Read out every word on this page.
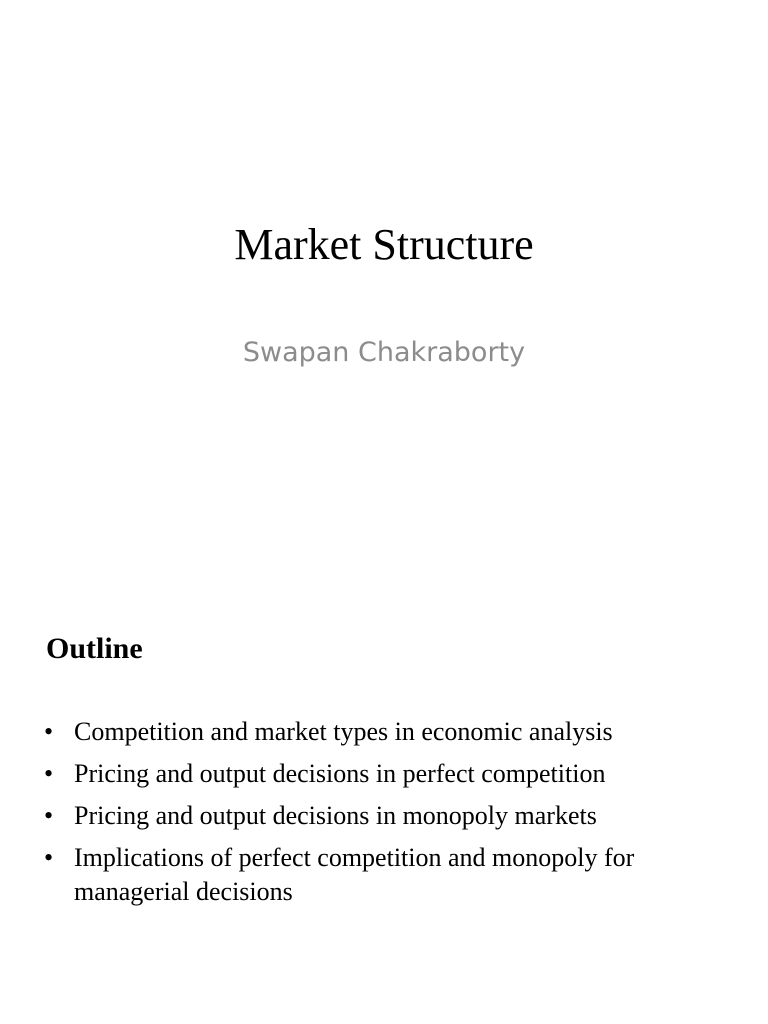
Market Structure

Swapan Chakraborty

Outline
• Competition and market types in economic analysis
• Pricing and output decisions in perfect competition
• Pricing and output decisions in monopoly markets
• Implications of perfect competition and monopoly for managerial decisions
